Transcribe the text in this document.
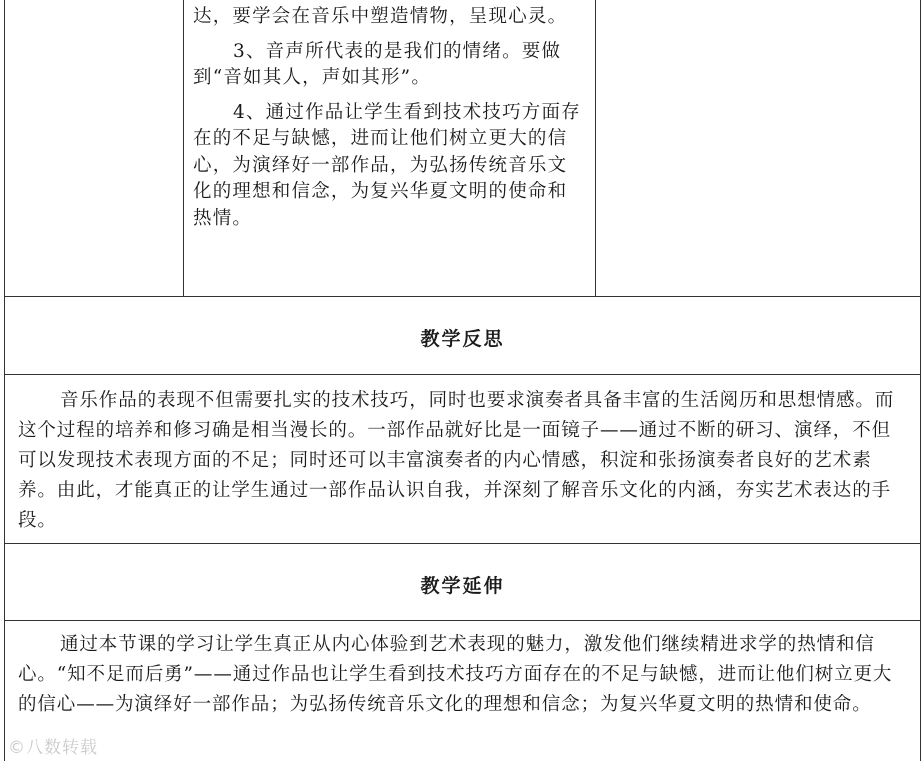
达，要学会在音乐中塑造情物，呈现心灵。

3、音声所代表的是我们的情绪。要做到“音如其人，声如其形”。

4、通过作品让学生看到技术技巧方面存在的不足与缺憾，进而让他们树立更大的信心，为演绎好一部作品，为弘扬传统音乐文化的理想和信念，为复兴华夏文明的使命和热情。

教学反思

音乐作品的表现不但需要扎实的技术技巧，同时也要求演奏者具备丰富的生活阅历和思想情感。而这个过程的培养和修习确是相当漫长的。一部作品就好比是一面镜子——通过不断的研习、演绎，不但可以发现技术表现方面的不足；同时还可以丰富演奏者的内心情感，积淀和张扬演奏者良好的艺术素养。由此，才能真正的让学生通过一部作品认识自我，并深刻了解音乐文化的内涵，夯实艺术表达的手段。

教学延伸

通过本节课的学习让学生真正从内心体验到艺术表现的魅力，激发他们继续精进求学的热情和信心。“知不足而后勇”——通过作品也让学生看到技术技巧方面存在的不足与缺憾，进而让他们树立更大的信心——为演绎好一部作品；为弘扬传统音乐文化的理想和信念；为复兴华夏文明的热情和使命。

©八数转载
